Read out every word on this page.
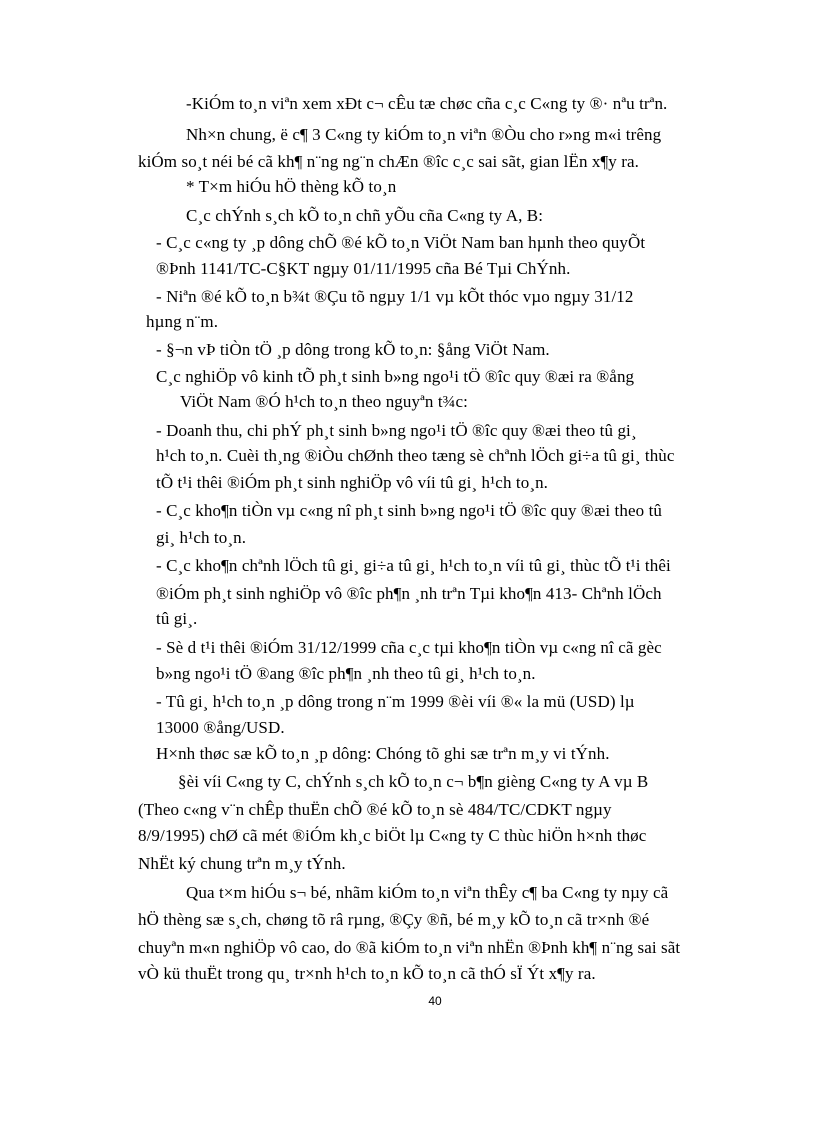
-KiÓm to¸n viªn xem xÐt c¬ cÊu tæ chøc cña c¸c C«ng ty ®· nªu trªn.
Nh×n chung, ë c¶ 3 C«ng ty kiÓm to¸n viªn ®Òu cho r»ng m«i trêng
kiÓm so¸t néi bé cã kh¶ n¨ng ng¨n chÆn ®îc c¸c sai sãt, gian lËn x¶y ra.
* T×m hiÓu hÖ thèng kÕ to¸n
C¸c chÝnh s¸ch kÕ to¸n chñ yÕu cña C«ng ty A, B:
- C¸c c«ng ty ¸p dông chÕ ®é kÕ to¸n ViÖt Nam ban hµnh theo quyÕt
®Þnh 1141/TC-C§KT ngµy 01/11/1995 cña Bé Tµi ChÝnh.
- Niªn ®é kÕ to¸n b¾t ®Çu tõ ngµy 1/1 vµ kÕt thóc vµo ngµy 31/12
hµng n¨m.
- §¬n vÞ tiÒn tÖ ¸p dông trong kÕ to¸n: §ång ViÖt Nam.
C¸c nghiÖp vô kinh tÕ ph¸t sinh b»ng ngo¹i tÖ ®îc quy ®æi ra ®ång
ViÖt Nam ®Ó h¹ch to¸n theo nguyªn t¾c:
- Doanh thu, chi phÝ ph¸t sinh b»ng ngo¹i tÖ ®îc quy ®æi theo tû gi¸
h¹ch to¸n. Cuèi th¸ng ®iÒu chØnh theo tæng sè chªnh lÖch gi÷a tû gi¸ thùc
tÕ t¹i thêi ®iÓm ph¸t sinh nghiÖp vô víi tû gi¸ h¹ch to¸n.
- C¸c kho¶n tiÒn vµ c«ng nî ph¸t sinh b»ng ngo¹i tÖ ®îc quy ®æi theo tû
gi¸ h¹ch to¸n.
- C¸c kho¶n chªnh lÖch tû gi¸ gi÷a tû gi¸ h¹ch to¸n víi tû gi¸ thùc tÕ t¹i thêi
®iÓm ph¸t sinh nghiÖp vô ®îc ph¶n ¸nh trªn Tµi kho¶n 413- Chªnh lÖch
tû gi¸.
- Sè d t¹i thêi ®iÓm 31/12/1999 cña c¸c tµi kho¶n tiÒn vµ c«ng nî cã gèc
b»ng ngo¹i tÖ ®ang ®îc ph¶n ¸nh theo tû gi¸ h¹ch to¸n.
- Tû gi¸ h¹ch to¸n ¸p dông trong n¨m 1999 ®èi víi ®« la mü (USD) lµ
13000 ®ång/USD.
H×nh thøc sæ kÕ to¸n ¸p dông: Chóng tõ ghi sæ trªn m¸y vi tÝnh.
§èi víi C«ng ty C, chÝnh s¸ch kÕ to¸n c¬ b¶n gièng C«ng ty A vµ B
(Theo c«ng v¨n chÊp thuËn chÕ ®é kÕ to¸n sè 484/TC/CDKT ngµy
8/9/1995) chØ cã mét ®iÓm kh¸c biÖt lµ C«ng ty C thùc hiÖn h×nh thøc
NhËt ký chung trªn m¸y tÝnh.
Qua t×m hiÓu s¬ bé, nhãm kiÓm to¸n viªn thÊy c¶ ba C«ng ty nµy cã
hÖ thèng sæ s¸ch, chøng tõ râ rµng, ®Çy ®ñ, bé m¸y kÕ to¸n cã tr×nh ®é
chuyªn m«n nghiÖp vô cao, do ®ã kiÓm to¸n viªn nhËn ®Þnh kh¶ n¨ng sai sãt
vÒ kü thuËt trong qu¸ tr×nh h¹ch to¸n kÕ to¸n cã thÓ sÏ Ýt x¶y ra.
40
